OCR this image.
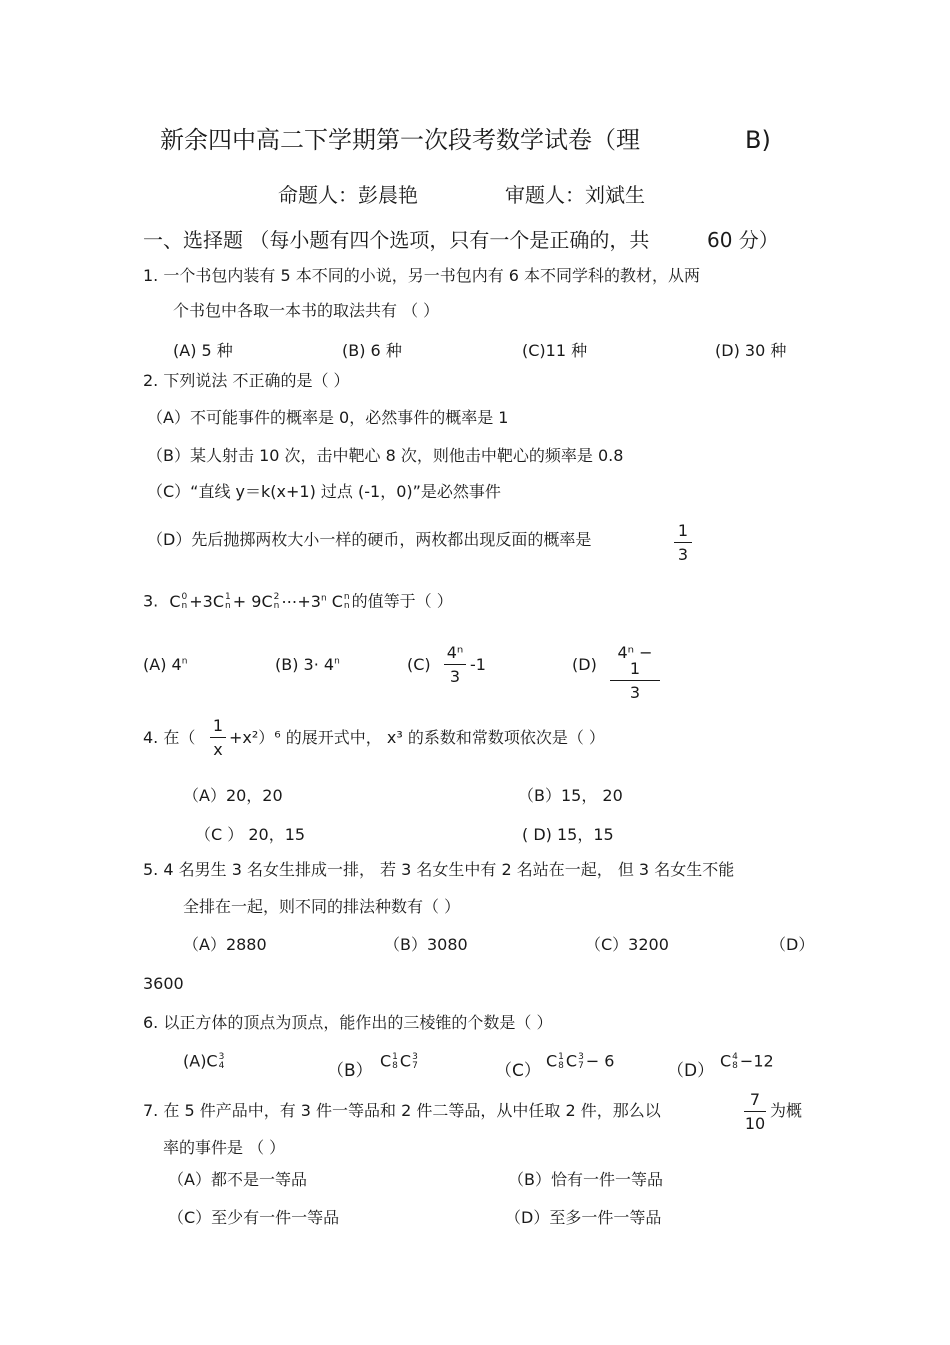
新余四中高二下学期第一次段考数学试卷（理	B)
命题人：彭晨艳	审题人：刘斌生
一、选择题 （每小题有四个选项，只有一个是正确的，共	60 分）
1. 一个书包内装有 5 本不同的小说，另一书包内有 6 本不同学科的教材，从两
个书包中各取一本书的取法共有 （ ）
(A) 5 种	(B) 6 种	(C)11 种	(D) 30 种
2. 下列说法 不正确的是（ ）
（A）不可能事件的概率是 0，必然事件的概率是 1
（B）某人射击 10 次，击中靶心 8 次，则他击中靶心的频率是 0.8
（C）“直线 y＝k(x+1) 过点 (-1，0)”是必然事件
（D）先后抛掷两枚大小一样的硬币，两枚都出现反面的概率是	1
3
3. C 0
n +3C 1
n + 9C 2
n $\cdots+3^n$ C n
n 的值等于（ ）
(A) 4$^n$	(B) $3\cdot 4^n$	(C)
4ⁿ
3
-1	(D)
4ⁿ − 1
3
4. 在（
1
x
+x²）⁶ 的展开式中， x³ 的系数和常数项依次是（ ）
（A）20，20	（B）15， 20
（C ） 20，15	( D) 15，15
5. 4 名男生 3 名女生排成一排， 若 3 名女生中有 2 名站在一起， 但 3 名女生不能
全排在一起，则不同的排法种数有（ ）
（A）2880	（B）3080	（C）3200	（D）
3600
6. 以正方体的顶点为顶点，能作出的三棱锥的个数是（ ）
(A)C 3
4	（B） C 1
8 C 3
7	（C） C 1
8 C 3
7 − 6	（D） C 4
8 −12
7. 在 5 件产品中，有 3 件一等品和 2 件二等品，从中任取 2 件，那么以
7
10
为概
率的事件是 （ ）
（A）都不是一等品	（B）恰有一件一等品
（C）至少有一件一等品	（D）至多一件一等品
